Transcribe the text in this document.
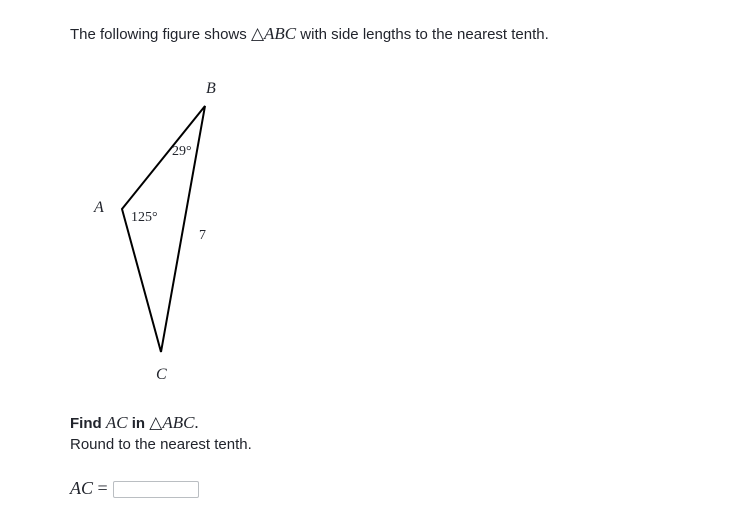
The following figure shows △ABC with side lengths to the nearest tenth.
B
A
C
29°
125°
7
Find AC in △ABC.
Round to the nearest tenth.
AC =
